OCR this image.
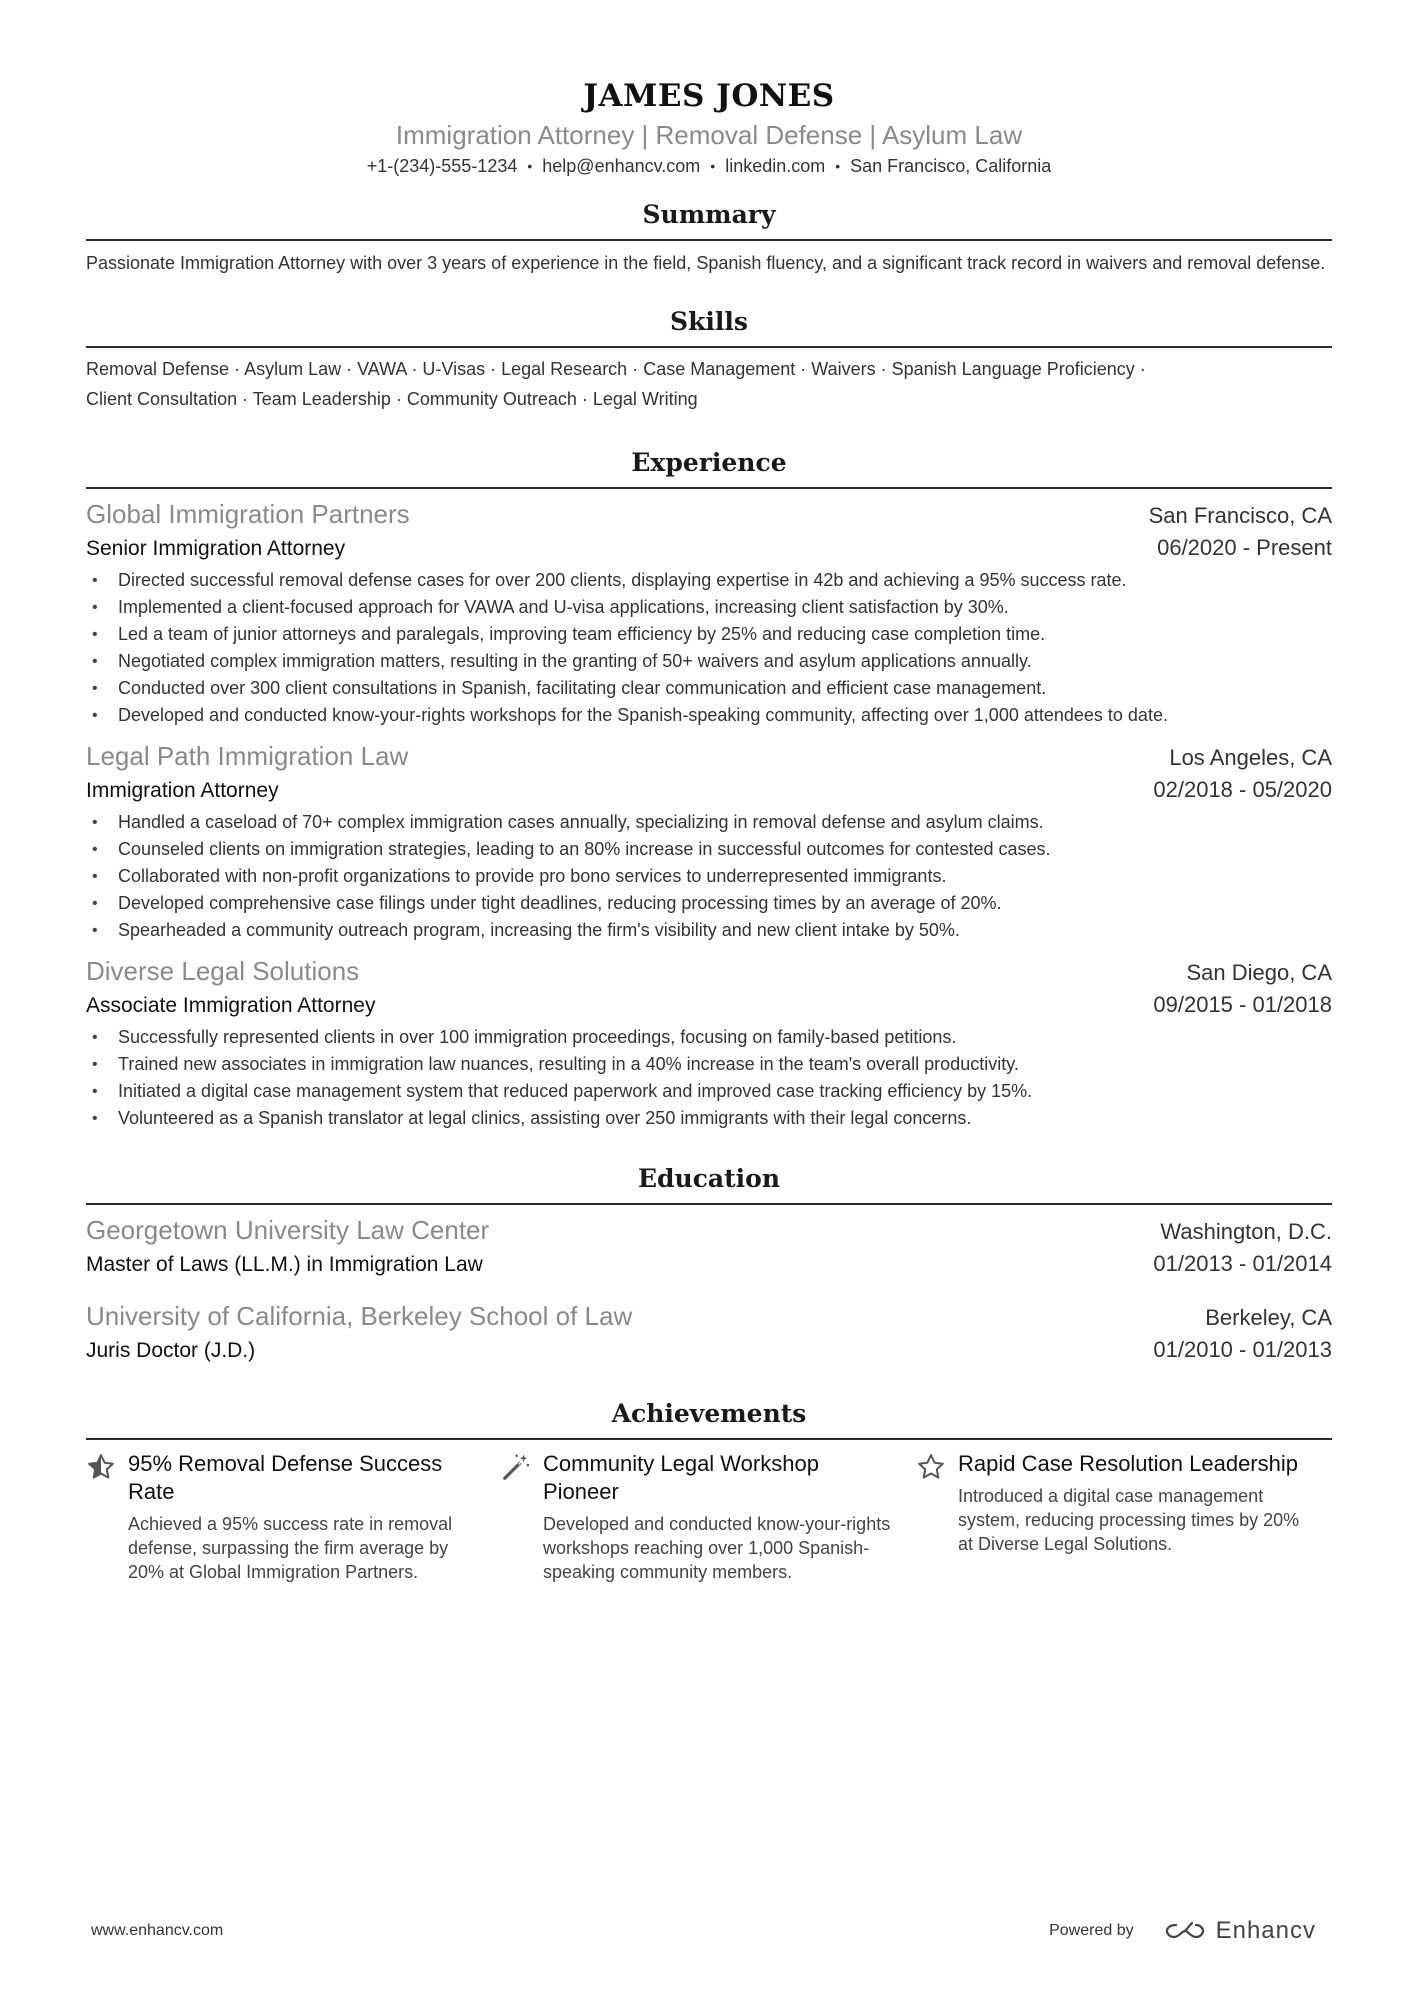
JAMES JONES
Immigration Attorney | Removal Defense | Asylum Law
+1-(234)-555-1234 • help@enhancv.com • linkedin.com • San Francisco, California
Summary
Passionate Immigration Attorney with over 3 years of experience in the field, Spanish fluency, and a significant track record in waivers and removal defense.
Skills
Removal Defense · Asylum Law · VAWA · U-Visas · Legal Research · Case Management · Waivers · Spanish Language Proficiency ·
Client Consultation · Team Leadership · Community Outreach · Legal Writing
Experience
Global Immigration Partners	San Francisco, CA
Senior Immigration Attorney	06/2020 - Present
• Directed successful removal defense cases for over 200 clients, displaying expertise in 42b and achieving a 95% success rate.
• Implemented a client-focused approach for VAWA and U-visa applications, increasing client satisfaction by 30%.
• Led a team of junior attorneys and paralegals, improving team efficiency by 25% and reducing case completion time.
• Negotiated complex immigration matters, resulting in the granting of 50+ waivers and asylum applications annually.
• Conducted over 300 client consultations in Spanish, facilitating clear communication and efficient case management.
• Developed and conducted know-your-rights workshops for the Spanish-speaking community, affecting over 1,000 attendees to date.
Legal Path Immigration Law	Los Angeles, CA
Immigration Attorney	02/2018 - 05/2020
• Handled a caseload of 70+ complex immigration cases annually, specializing in removal defense and asylum claims.
• Counseled clients on immigration strategies, leading to an 80% increase in successful outcomes for contested cases.
• Collaborated with non-profit organizations to provide pro bono services to underrepresented immigrants.
• Developed comprehensive case filings under tight deadlines, reducing processing times by an average of 20%.
• Spearheaded a community outreach program, increasing the firm's visibility and new client intake by 50%.
Diverse Legal Solutions	San Diego, CA
Associate Immigration Attorney	09/2015 - 01/2018
• Successfully represented clients in over 100 immigration proceedings, focusing on family-based petitions.
• Trained new associates in immigration law nuances, resulting in a 40% increase in the team's overall productivity.
• Initiated a digital case management system that reduced paperwork and improved case tracking efficiency by 15%.
• Volunteered as a Spanish translator at legal clinics, assisting over 250 immigrants with their legal concerns.
Education
Georgetown University Law Center	Washington, D.C.
Master of Laws (LL.M.) in Immigration Law	01/2013 - 01/2014
University of California, Berkeley School of Law	Berkeley, CA
Juris Doctor (J.D.)	01/2010 - 01/2013
Achievements
95% Removal Defense Success Rate
Achieved a 95% success rate in removal defense, surpassing the firm average by 20% at Global Immigration Partners.
Community Legal Workshop Pioneer
Developed and conducted know-your-rights workshops reaching over 1,000 Spanish-speaking community members.
Rapid Case Resolution Leadership
Introduced a digital case management system, reducing processing times by 20% at Diverse Legal Solutions.
www.enhancv.com	Powered by	Enhancv
